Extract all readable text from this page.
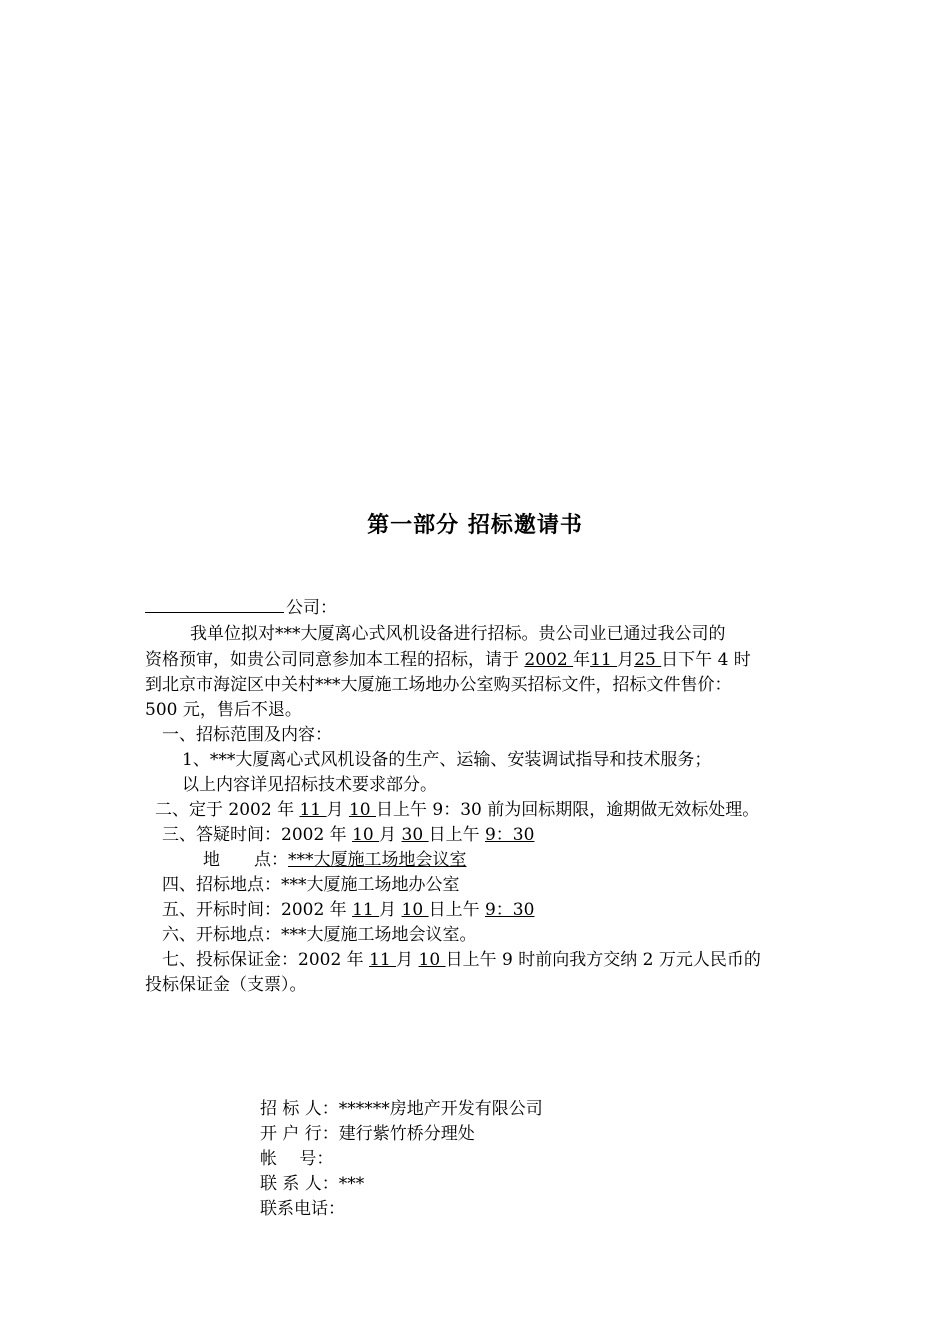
第一部分 招标邀请书
公司：
我单位拟对***大厦离心式风机设备进行招标。贵公司业已通过我公司的
资格预审，如贵公司同意参加本工程的招标，请于 2002 年11 月25 日下午 4 时
到北京市海淀区中关村***大厦施工场地办公室购买招标文件，招标文件售价：
500 元，售后不退。
一、招标范围及内容：
1、***大厦离心式风机设备的生产、运输、安装调试指导和技术服务；
以上内容详见招标技术要求部分。
二、定于 2002 年 11 月 10 日上午 9：30 前为回标期限，逾期做无效标处理。
三、答疑时间：2002 年 10 月 30 日上午 9：30
地　　点：***大厦施工场地会议室
四、招标地点：***大厦施工场地办公室
五、开标时间：2002 年 11 月 10 日上午 9：30
六、开标地点：***大厦施工场地会议室。
七、投标保证金：2002 年 11 月 10 日上午 9 时前向我方交纳 2 万元人民币的
投标保证金（支票）。
招 标 人：******房地产开发有限公司
开 户 行：建行紫竹桥分理处
帐　 号：
联 系 人：***
联系电话：
